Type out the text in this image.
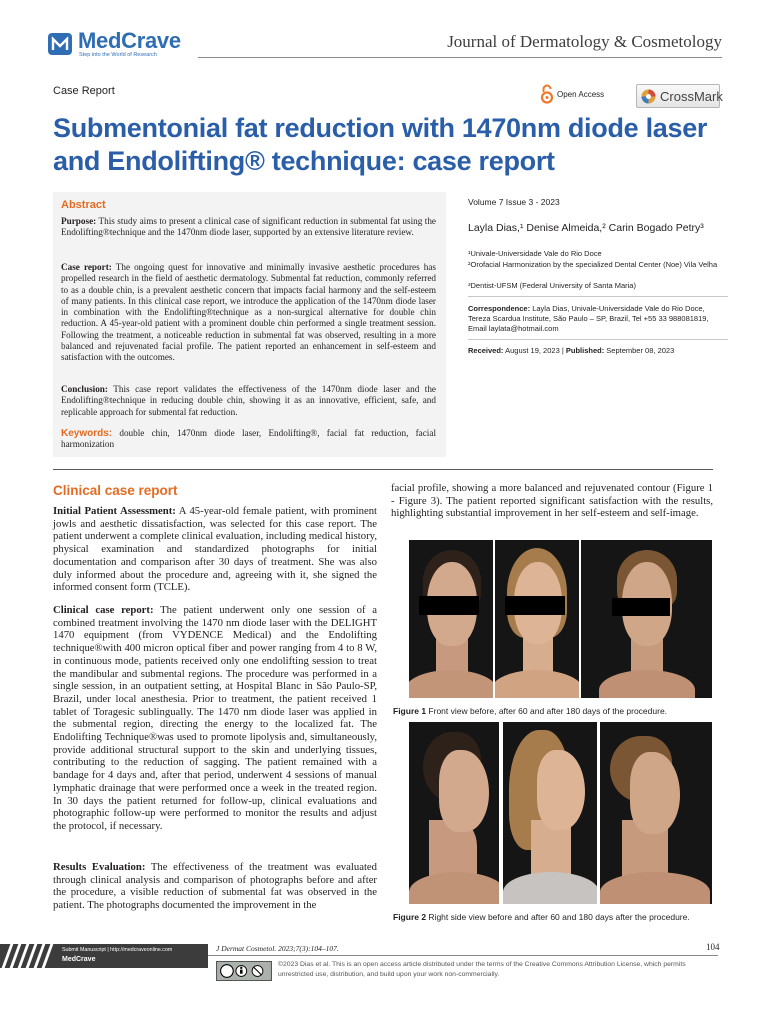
MedCrave
Step into the World of Research
Journal of Dermatology & Cosmetology
Case Report	Open Access	CrossMark
Submentonial fat reduction with 1470nm diode laser and Endolifting® technique: case report
Abstract

Purpose: This study aims to present a clinical case of significant reduction in submental fat using the Endolifting®technique and the 1470nm diode laser, supported by an extensive literature review.

Case report: The ongoing quest for innovative and minimally invasive aesthetic procedures has propelled research in the field of aesthetic dermatology. Submental fat reduction, commonly referred to as a double chin, is a prevalent aesthetic concern that impacts facial harmony and the self-esteem of many patients. In this clinical case report, we introduce the application of the 1470nm diode laser in combination with the Endolifting®technique as a non-surgical alternative for double chin reduction. A 45-year-old patient with a prominent double chin performed a single treatment session. Following the treatment, a noticeable reduction in submental fat was observed, resulting in a more balanced and rejuvenated facial profile. The patient reported an enhancement in self-esteem and satisfaction with the outcomes.

Conclusion: This case report validates the effectiveness of the 1470nm diode laser and the Endolifting®technique in reducing double chin, showing it as an innovative, efficient, safe, and replicable approach for submental fat reduction.

Keywords: double chin, 1470nm diode laser, Endolifting®, facial fat reduction, facial harmonization

Volume 7 Issue 3 - 2023
Layla Dias,¹ Denise Almeida,² Carin Bogado Petry³
¹Univale-Universidade Vale do Rio Doce
²Orofacial Harmonization by the specialized Dental Center (Noe) Vila Velha
³Dentist-UFSM (Federal University of Santa Maria)
Correspondence: Layla Dias, Univale-Universidade Vale do Rio Doce, Tereza Scardua Institute, São Paulo – SP, Brazil, Tel +55 33 988081819, Email laylata@hotmail.com
Received: August 19, 2023 | Published: September 08, 2023
Clinical case report

Initial Patient Assessment: A 45-year-old female patient, with prominent jowls and aesthetic dissatisfaction, was selected for this case report. The patient underwent a complete clinical evaluation, including medical history, physical examination and standardized photographs for initial documentation and comparison after 30 days of treatment. She was also duly informed about the procedure and, agreeing with it, she signed the informed consent form (TCLE).

Clinical case report: The patient underwent only one session of a combined treatment involving the 1470 nm diode laser with the DELIGHT 1470 equipment (from VYDENCE Medical) and the Endolifting technique®with 400 micron optical fiber and power ranging from 4 to 8 W, in continuous mode, patients received only one endolifting session to treat the mandibular and submental regions. The procedure was performed in a single session, in an outpatient setting, at Hospital Blanc in São Paulo-SP, Brazil, under local anesthesia. Prior to treatment, the patient received 1 tablet of Toragesic sublingually. The 1470 nm diode laser was applied in the submental region, directing the energy to the localized fat. The Endolifting Technique®was used to promote lipolysis and, simultaneously, provide additional structural support to the skin and underlying tissues, contributing to the reduction of sagging. The patient remained with a bandage for 4 days and, after that period, underwent 4 sessions of manual lymphatic drainage that were performed once a week in the treated region. In 30 days the patient returned for follow-up, clinical evaluations and photographic follow-up were performed to monitor the results and adjust the protocol, if necessary.

Results Evaluation: The effectiveness of the treatment was evaluated through clinical analysis and comparison of photographs before and after the procedure, a visible reduction of submental fat was observed in the patient. The photographs documented the improvement in the

facial profile, showing a more balanced and rejuvenated contour (Figure 1 - Figure 3). The patient reported significant satisfaction with the results, highlighting substantial improvement in her self-esteem and self-image.

Figure 1 Front view before, after 60 and after 180 days of the procedure.
Figure 2 Right side view before and after 60 and 180 days after the procedure.
Submit Manuscript | http://medcraveonline.com
MedCrave
J Dermat Cosmetol. 2023;7(3):104‒107.	104
©2023 Dias et al. This is an open access article distributed under the terms of the Creative Commons Attribution License, which permits unrestricted use, distribution, and build upon your work non-commercially.
